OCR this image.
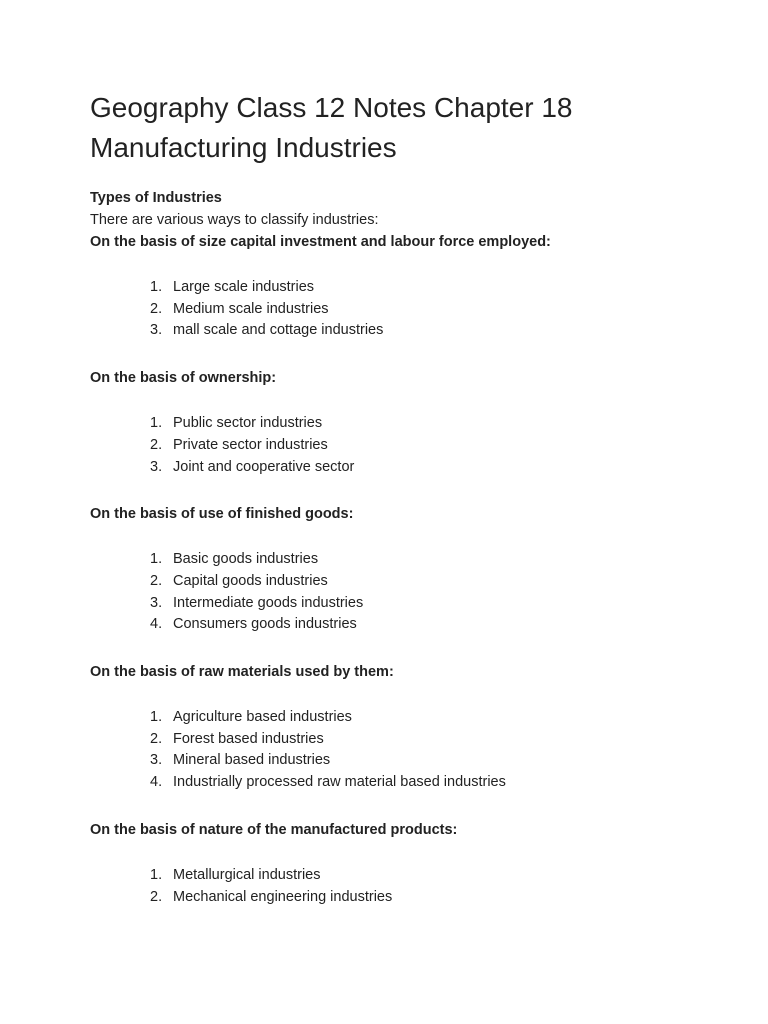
Geography Class 12 Notes Chapter 18 Manufacturing Industries

Types of Industries

There are various ways to classify industries:

On the basis of size capital investment and labour force employed:

1. Large scale industries
2. Medium scale industries
3. mall scale and cottage industries

On the basis of ownership:

1. Public sector industries
2. Private sector industries
3. Joint and cooperative sector

On the basis of use of finished goods:

1. Basic goods industries
2. Capital goods industries
3. Intermediate goods industries
4. Consumers goods industries

On the basis of raw materials used by them:

1. Agriculture based industries
2. Forest based industries
3. Mineral based industries
4. Industrially processed raw material based industries

On the basis of nature of the manufactured products:

1. Metallurgical industries
2. Mechanical engineering industries
